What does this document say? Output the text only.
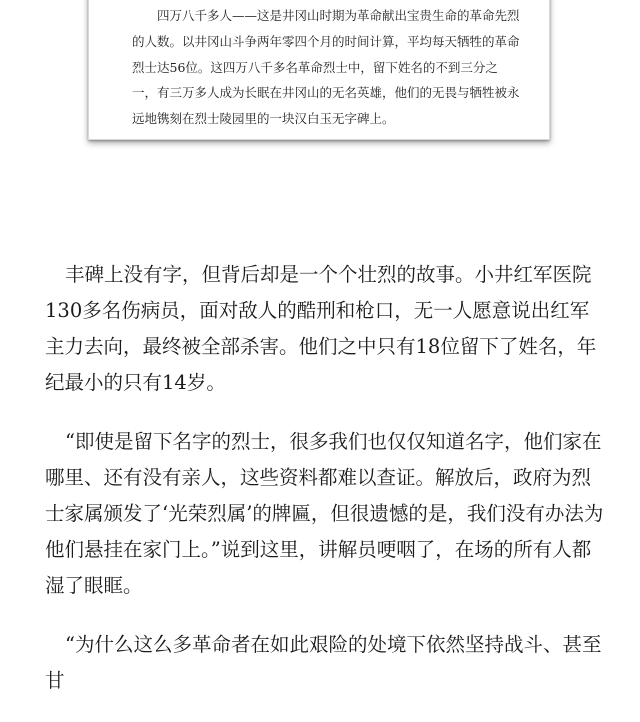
四万八千多人——这是井冈山时期为革命献出宝贵生命的革命先烈的人数。以井冈山斗争两年零四个月的时间计算，平均每天牺牲的革命烈士达56位。这四万八千多名革命烈士中，留下姓名的不到三分之一，有三万多人成为长眠在井冈山的无名英雄，他们的无畏与牺牲被永远地镌刻在烈士陵园里的一块汉白玉无字碑上。

丰碑上没有字，但背后却是一个个壮烈的故事。小井红军医院130多名伤病员，面对敌人的酷刑和枪口，无一人愿意说出红军主力去向，最终被全部杀害。他们之中只有18位留下了姓名，年纪最小的只有14岁。

“即使是留下名字的烈士，很多我们也仅仅知道名字，他们家在哪里、还有没有亲人，这些资料都难以查证。解放后，政府为烈士家属颁发了‘光荣烈属’的牌匾，但很遗憾的是，我们没有办法为他们悬挂在家门上。”说到这里，讲解员哽咽了，在场的所有人都湿了眼眶。

“为什么这么多革命者在如此艰险的处境下依然坚持战斗、甚至甘
